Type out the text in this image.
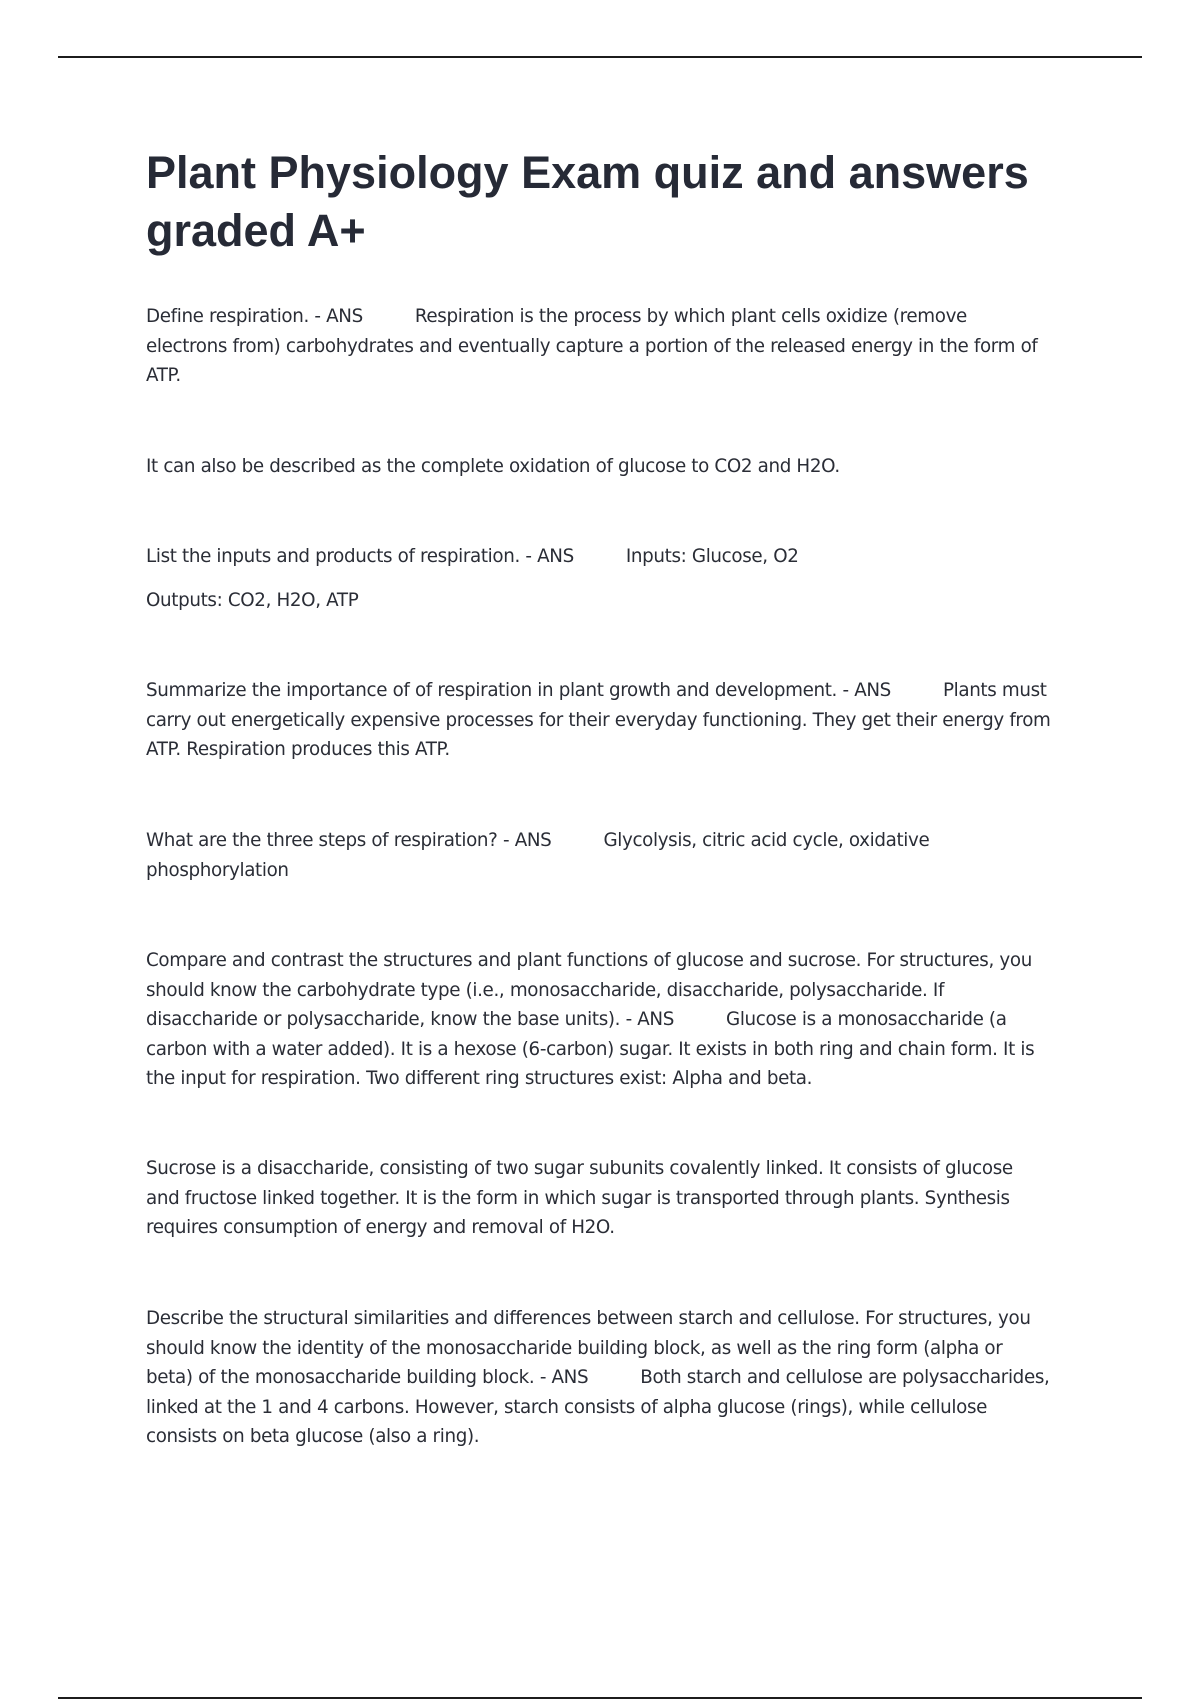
Plant Physiology Exam quiz and answers graded A+

Define respiration. - ANS	Respiration is the process by which plant cells oxidize (remove electrons from) carbohydrates and eventually capture a portion of the released energy in the form of ATP.

It can also be described as the complete oxidation of glucose to CO2 and H2O.

List the inputs and products of respiration. - ANS	Inputs: Glucose, O2

Outputs: CO2, H2O, ATP

Summarize the importance of of respiration in plant growth and development. - ANS	Plants must carry out energetically expensive processes for their everyday functioning. They get their energy from ATP. Respiration produces this ATP.

What are the three steps of respiration? - ANS	Glycolysis, citric acid cycle, oxidative phosphorylation

Compare and contrast the structures and plant functions of glucose and sucrose. For structures, you should know the carbohydrate type (i.e., monosaccharide, disaccharide, polysaccharide. If disaccharide or polysaccharide, know the base units). - ANS	Glucose is a monosaccharide (a carbon with a water added). It is a hexose (6-carbon) sugar. It exists in both ring and chain form. It is the input for respiration. Two different ring structures exist: Alpha and beta.

Sucrose is a disaccharide, consisting of two sugar subunits covalently linked. It consists of glucose and fructose linked together. It is the form in which sugar is transported through plants. Synthesis requires consumption of energy and removal of H2O.

Describe the structural similarities and differences between starch and cellulose. For structures, you should know the identity of the monosaccharide building block, as well as the ring form (alpha or beta) of the monosaccharide building block. - ANS	Both starch and cellulose are polysaccharides, linked at the 1 and 4 carbons. However, starch consists of alpha glucose (rings), while cellulose consists on beta glucose (also a ring).
